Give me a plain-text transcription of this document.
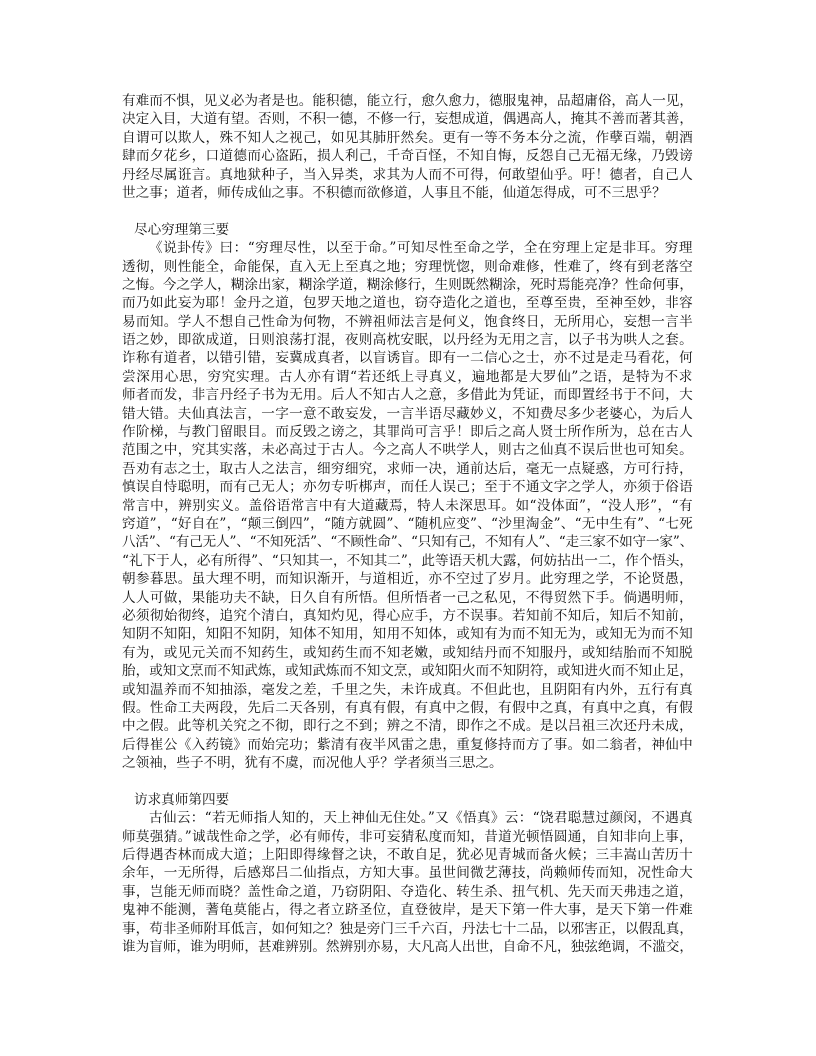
有难而不惧，见义必为者是也。能积德，能立行，愈久愈力，德服鬼神，品超庸俗，高人一见，
决定入目，大道有望。否则，不积一德，不修一行，妄想成道，偶遇高人，掩其不善而著其善，
自谓可以欺人，殊不知人之视己，如见其肺肝然矣。更有一等不务本分之流，作孽百端，朝酒
肆而夕花乡，口道德而心盗跖，损人利己，千奇百怪，不知自悔，反怨自己无福无缘，乃毁谤
丹经尽属诳言。真地狱种子，当入异类，求其为人而不可得，何敢望仙乎。吁！德者，自己人
世之事；道者，师传成仙之事。不积德而欲修道，人事且不能，仙道怎得成，可不三思乎？
尽心穷理第三要
《说卦传》曰：“穷理尽性，以至于命。”可知尽性至命之学，全在穷理上定是非耳。穷理
透彻，则性能全，命能保，直入无上至真之地；穷理恍惚，则命难修，性难了，终有到老落空
之悔。今之学人，糊涂出家，糊涂学道，糊涂修行，生则既然糊涂，死时焉能亮净？性命何事，
而乃如此妄为耶！金丹之道，包罗天地之道也，窃夺造化之道也，至尊至贵，至神至妙，非容
易而知。学人不想自己性命为何物，不辨祖师法言是何义，饱食终日，无所用心，妄想一言半
语之妙，即欲成道，日则浪荡打混，夜则高枕安眠，以丹经为无用之言，以子书为哄人之套。
诈称有道者，以错引错，妄冀成真者，以盲诱盲。即有一二信心之士，亦不过是走马看花，何
尝深用心思，穷究实理。古人亦有谓“若还纸上寻真义，遍地都是大罗仙”之语，是特为不求
师者而发，非言丹经子书为无用。后人不知古人之意，多借此为凭证，而即置经书于不问，大
错大错。夫仙真法言，一字一意不敢妄发，一言半语尽藏妙义，不知费尽多少老婆心，为后人
作阶梯，与教门留眼目。而反毁之谤之，其罪尚可言乎！即后之高人贤士所作所为，总在古人
范围之中，究其实落，未必高过于古人。今之高人不哄学人，则古之仙真不误后世也可知矣。
吾劝有志之士，取古人之法言，细穷细究，求师一决，通前达后，毫无一点疑惑，方可行持，
慎误自恃聪明，而有己无人；亦勿专听梆声，而任人误己；至于不通文字之学人，亦须于俗语
常言中，辨别实义。盖俗语常言中有大道藏焉，特人未深思耳。如“没体面”，“没人形”，“有
窍道”，“好自在”，“颠三倒四”，“随方就圆”、“随机应变”、“沙里淘金”、“无中生有”、“七死
八活”、“有己无人”、“不知死活”、“不顾性命”、“只知有己，不知有人”、“走三家不如守一家”、
“礼下于人，必有所得”、“只知其一，不知其二”，此等语天机大露，何妨拈出一二，作个悟头，
朝参暮思。虽大理不明，而知识渐开，与道相近，亦不空过了岁月。此穷理之学，不论贤愚，
人人可做，果能功夫不缺，日久自有所悟。但所悟者一己之私见，不得贸然下手。倘遇明师，
必须彻始彻终，追究个清白，真知灼见，得心应手，方不误事。若知前不知后，知后不知前，
知阴不知阳，知阳不知阴，知体不知用，知用不知体，或知有为而不知无为，或知无为而不知
有为，或见元关而不知药生，或知药生而不知老嫩，或知结丹而不知服丹，或知结胎而不知脱
胎，或知文烹而不知武炼，或知武炼而不知文烹，或知阳火而不知阴符，或知进火而不知止足，
或知温养而不知抽添，毫发之差，千里之失，未许成真。不但此也，且阴阳有内外，五行有真
假。性命工夫两段，先后二天各别，有真有假，有真中之假，有假中之真，有真中之真，有假
中之假。此等机关究之不彻，即行之不到；辨之不清，即作之不成。是以吕祖三次还丹未成，
后得崔公《入药镜》而始完功；紫清有夜半风雷之患，重复修持而方了事。如二翁者，神仙中
之领袖，些子不明，犹有不虞，而况他人乎？学者须当三思之。
访求真师第四要
古仙云：“若无师指人知的，天上神仙无住处。”又《悟真》云：“饶君聪慧过颜闵，不遇真
师莫强猜。”诚哉性命之学，必有师传，非可妄猜私度而知，昔道光顿悟圆通，自知非向上事，
后得遇杏林而成大道；上阳即得缘督之诀，不敢自足，犹必见青城而备火候；三丰嵩山苦历十
余年，一无所得，后感郑吕二仙指点，方知大事。虽世间微艺薄技，尚赖师传而知，况性命大
事，岂能无师而晓？盖性命之道，乃窃阴阳、夺造化、转生杀、扭气机、先天而天弗违之道，
鬼神不能测，蓍龟莫能占，得之者立跻圣位，直登彼岸，是天下第一件大事，是天下第一件难
事，苟非圣师附耳低言，如何知之？独是旁门三千六百，丹法七十二品，以邪害正，以假乱真，
谁为盲师，谁为明师，甚难辨别。然辨别亦易，大凡高人出世，自命不凡，独弦绝调，不滥交，
